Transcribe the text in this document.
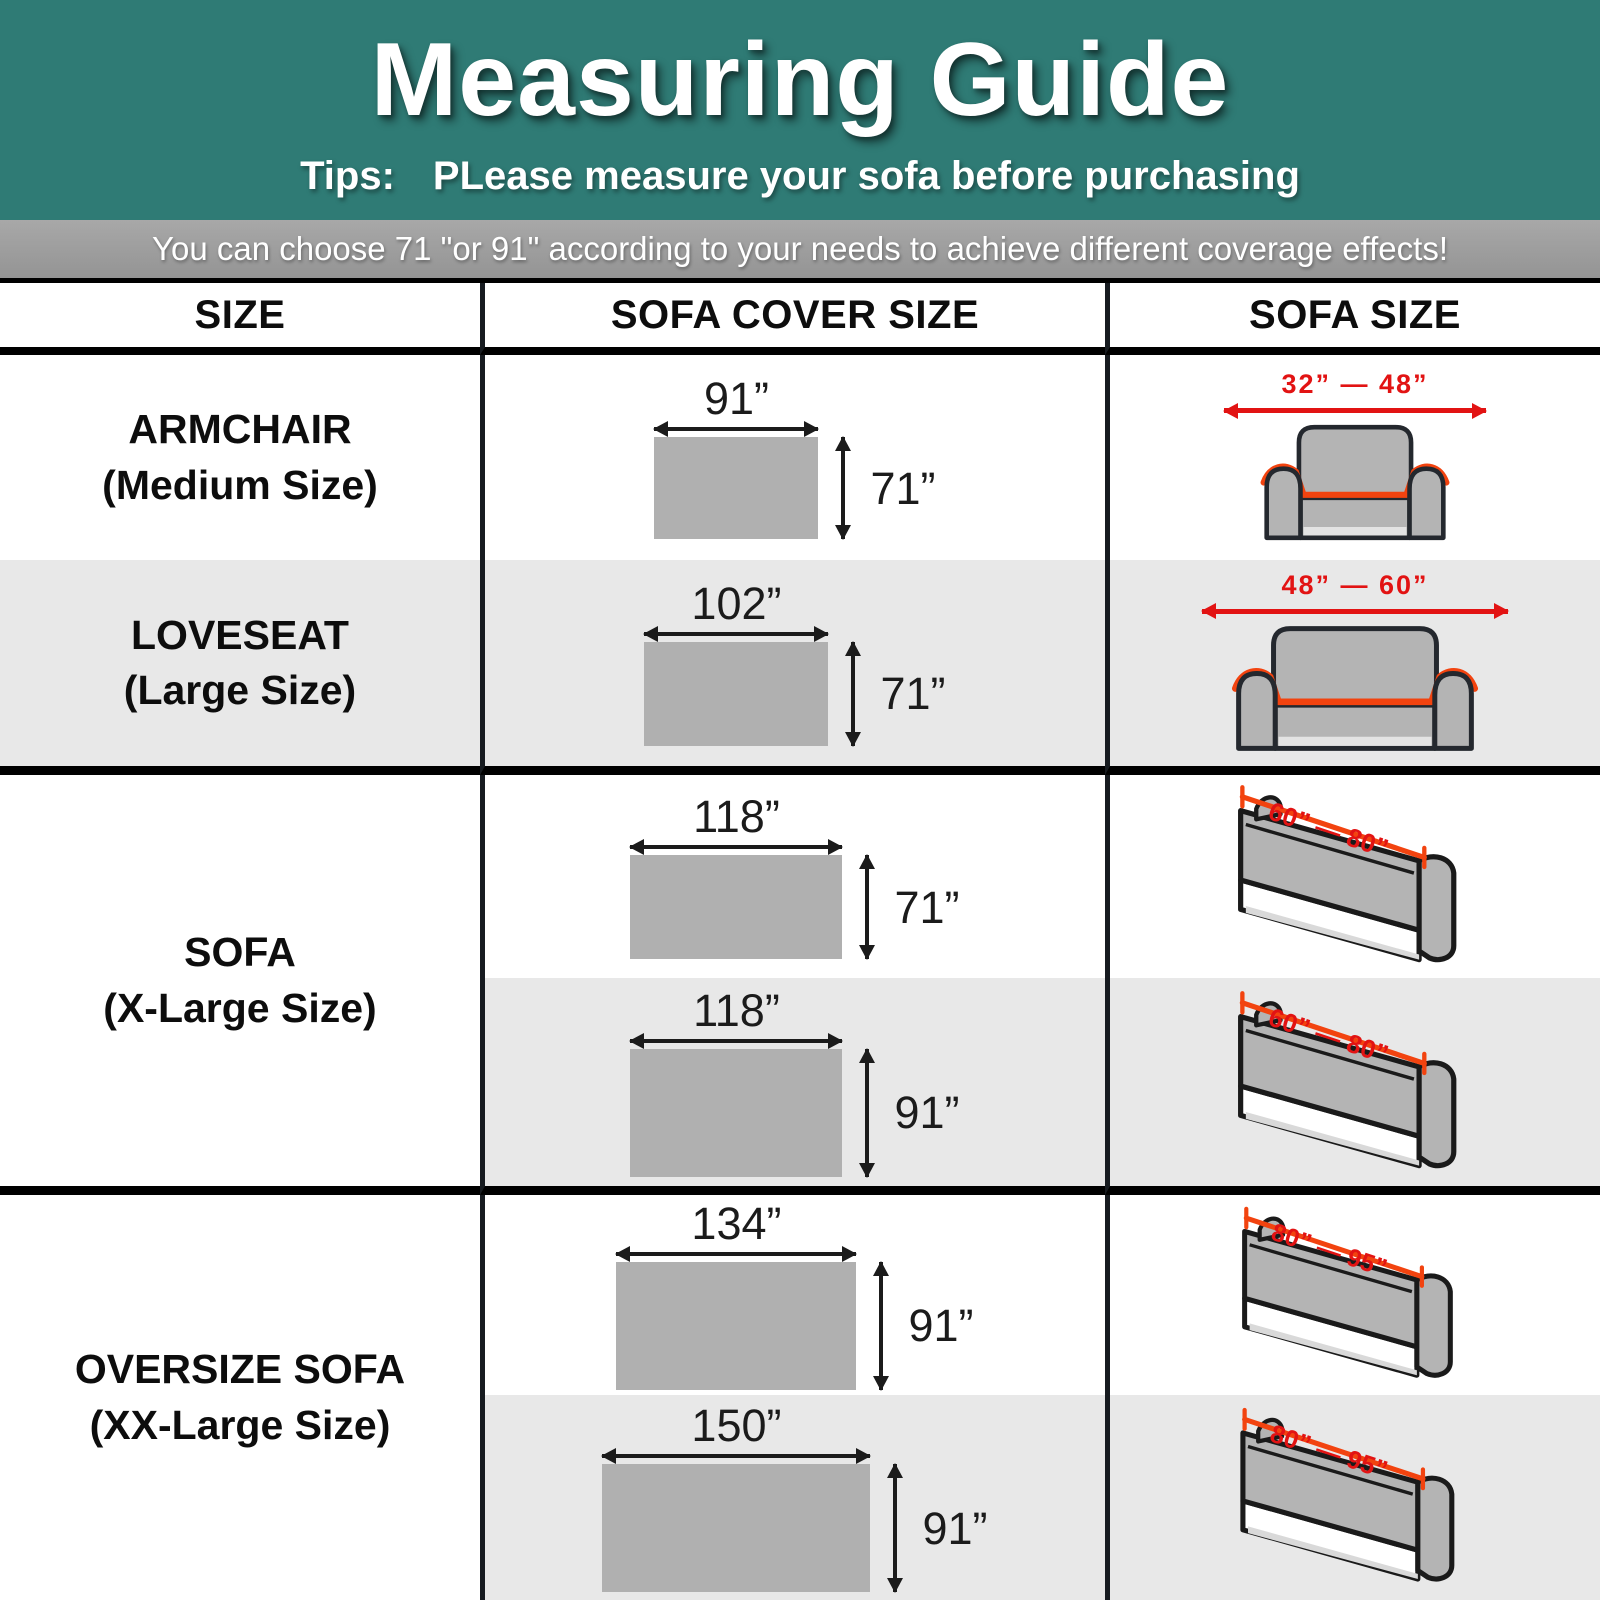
Measuring Guide
Tips: PLease measure your sofa before purchasing
You can choose 71 "or 91" according to your needs to achieve different coverage effects!
SIZE	SOFA COVER SIZE	SOFA SIZE
ARMCHAIR
(Medium Size)
91”
71”
32” — 48”
LOVESEAT
(Large Size)
102”
71”
48” — 60”
SOFA
(X-Large Size)
118”
71”
60” — 80”
118”
91”
60” — 80”
OVERSIZE SOFA
(XX-Large Size)
134”
91”
80” — 95”
150”
91”
80” — 95”
